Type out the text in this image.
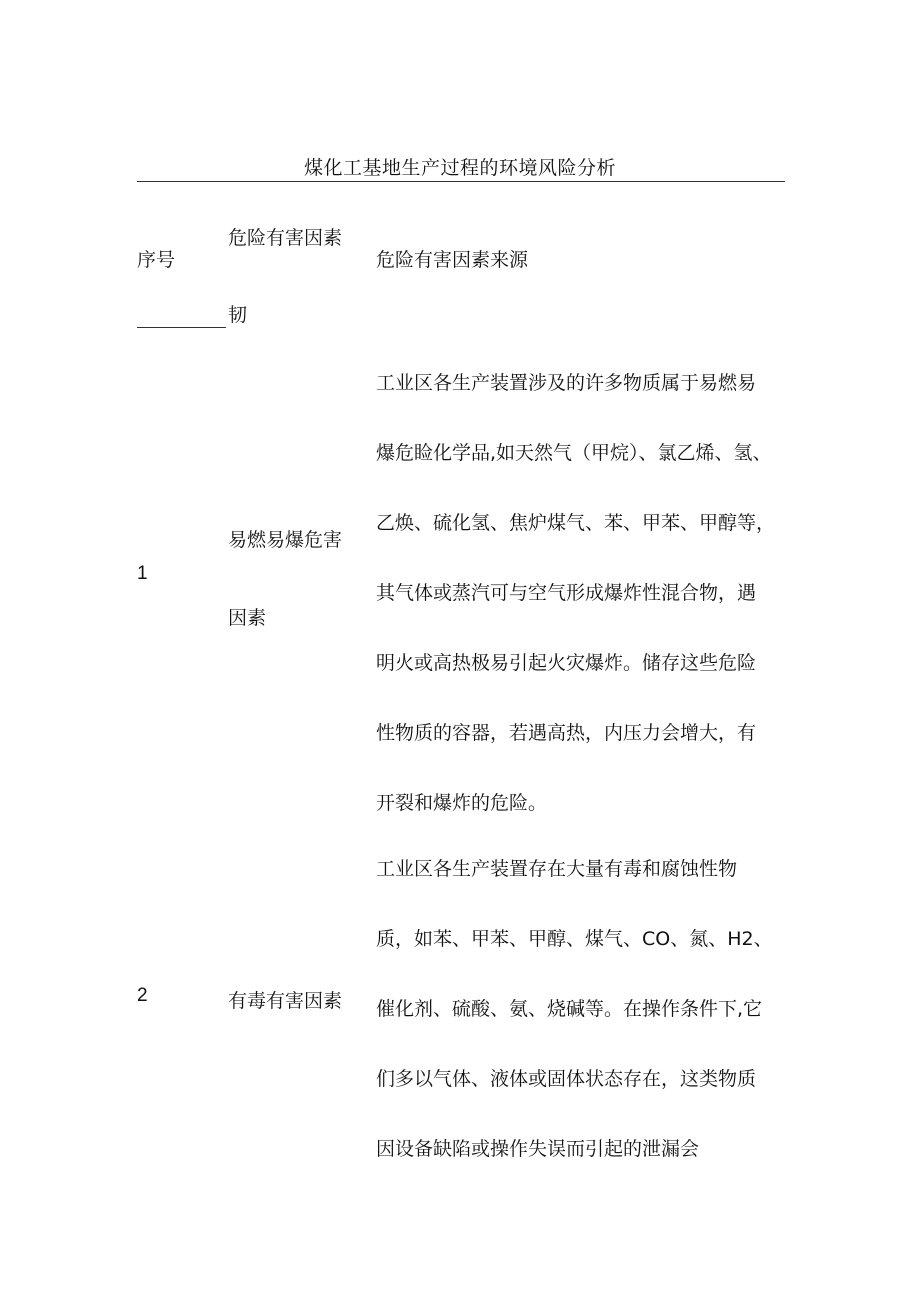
煤化工基地生产过程的环境风险分析
序号
危险有害因素
危险有害因素来源
韧
1
易燃易爆危害
因素
工业区各生产装置涉及的许多物质属于易燃易
爆危睑化学品,如天然气（甲烷）、氯乙烯、氢、
乙焕、硫化氢、焦炉煤气、苯、甲苯、甲醇等，
其气体或蒸汽可与空气形成爆炸性混合物，遇
明火或高热极易引起火灾爆炸。储存这些危险
性物质的容器，若遇高热，内压力会增大，有
开裂和爆炸的危险。
2	有毒有害因素
工业区各生产装置存在大量有毒和腐蚀性物
质，如苯、甲苯、甲醇、煤气、CO、氮、H2、
催化剂、硫酸、氨、烧碱等。在操作条件下,它
们多以气体、液体或固体状态存在，这类物质
因设备缺陷或操作失误而引起的泄漏会
